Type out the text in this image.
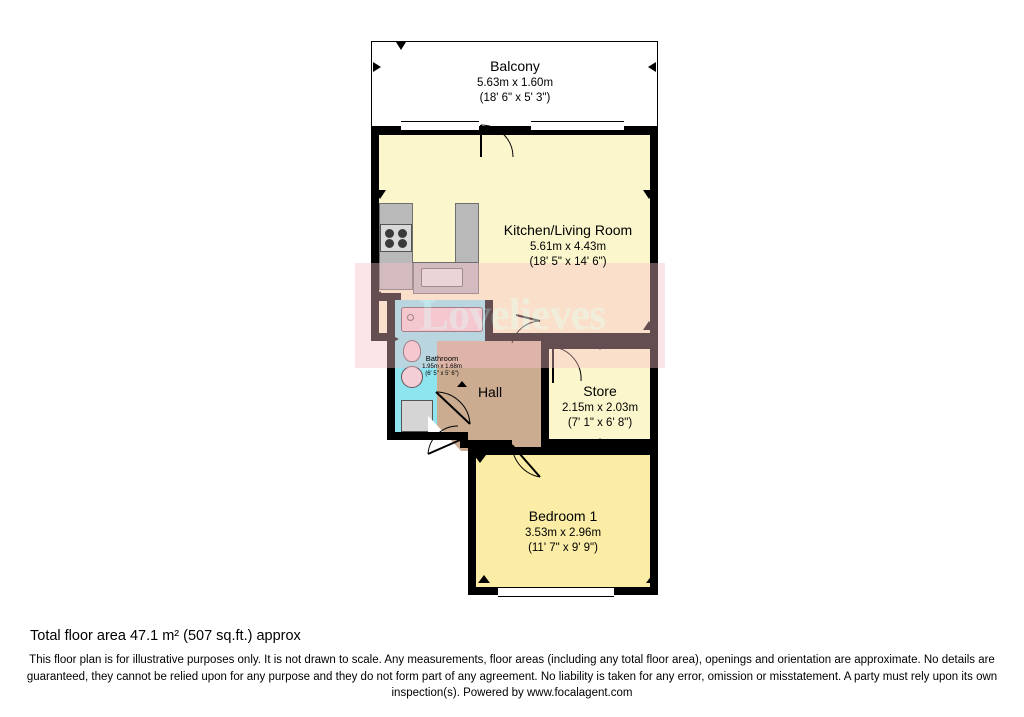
Lovelieves
Balcony
5.63m x 1.60m
(18' 6" x 5' 3")
Kitchen/Living Room
5.61m x 4.43m
(18' 5" x 14' 6")
Bathroom
1.95m x 1.68m
(6' 5" x 5' 6")
Hall	Store
2.15m x 2.03m
(7' 1" x 6' 8")
Bedroom 1
3.53m x 2.96m
(11' 7" x 9' 9")
Total floor area 47.1 m² (507 sq.ft.) approx
This floor plan is for illustrative purposes only. It is not drawn to scale. Any measurements, floor areas (including any total floor area), openings and orientation are approximate. No details are guaranteed, they cannot be relied upon for any purpose and they do not form part of any agreement. No liability is taken for any error, omission or misstatement. A party must rely upon its own inspection(s). Powered by www.focalagent.com
